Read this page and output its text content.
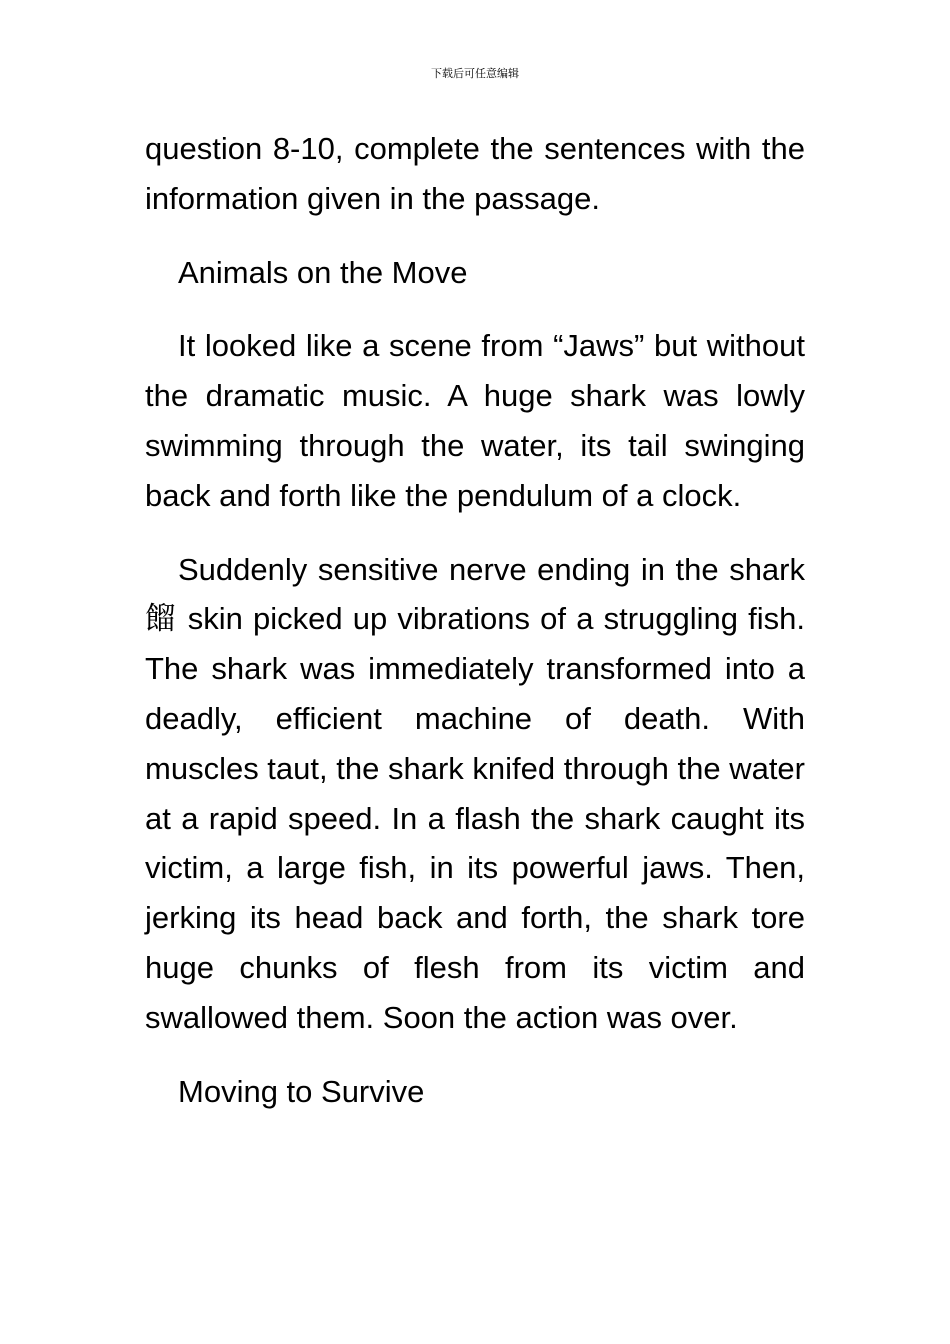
下载后可任意编辑

question 8-10, complete the sentences with the information given in the passage.

Animals on the Move

It looked like a scene from “Jaws” but without the dramatic music. A huge shark was lowly swimming through the water, its tail swinging back and forth like the pendulum of a clock.

Suddenly sensitive nerve ending in the shark 餾 skin picked up vibrations of a struggling fish. The shark was immediately transformed into a deadly, efficient machine of death. With muscles taut, the shark knifed through the water at a rapid speed. In a flash the shark caught its victim, a large fish, in its powerful jaws. Then, jerking its head back and forth, the shark tore huge chunks of flesh from its victim and swallowed them. Soon the action was over.

Moving to Survive
